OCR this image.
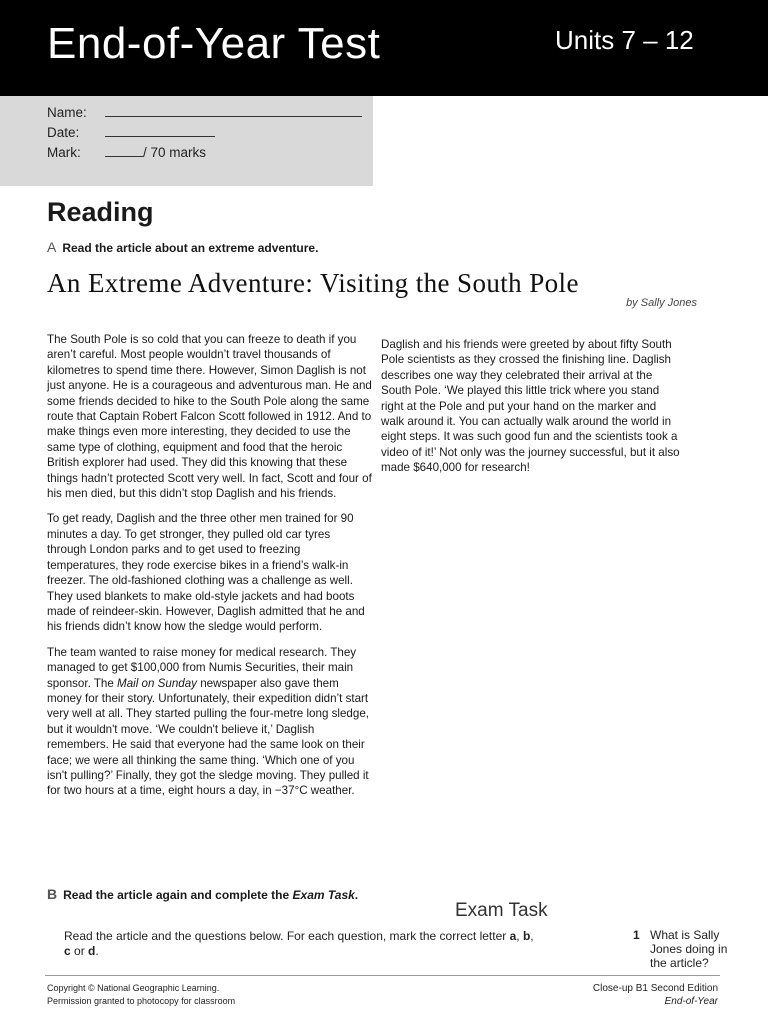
End-of-Year Test	Units 7 – 12
Name:
Date:
Mark:	/ 70 marks
Reading
A Read the article about an extreme adventure.
An Extreme Adventure: Visiting the South Pole
by Sally Jones

The South Pole is so cold that you can freeze to death if you aren’t careful. Most people wouldn’t travel thousands of kilometres to spend time there. However, Simon Daglish is not just anyone. He is a courageous and adventurous man. He and some friends decided to hike to the South Pole along the same route that Captain Robert Falcon Scott followed in 1912. And to make things even more interesting, they decided to use the same type of clothing, equipment and food that the heroic British explorer had used. They did this knowing that these things hadn’t protected Scott very well. In fact, Scott and four of his men died, but this didn’t stop Daglish and his friends.

To get ready, Daglish and the three other men trained for 90 minutes a day. To get stronger, they pulled old car tyres through London parks and to get used to freezing temperatures, they rode exercise bikes in a friend’s walk-in freezer. The old-fashioned clothing was a challenge as well. They used blankets to make old-style jackets and had boots made of reindeer-skin. However, Daglish admitted that he and his friends didn’t know how the sledge would perform.

The team wanted to raise money for medical research. They managed to get $100,000 from Numis Securities, their main sponsor. The Mail on Sunday newspaper also gave them money for their story. Unfortunately, their expedition didn’t start very well at all. They started pulling the four-metre long sledge, but it wouldn't move. ‘We couldn't believe it,’ Daglish remembers. He said that everyone had the same look on their face; we were all thinking the same thing. ‘Which one of you isn't pulling?’ Finally, they got the sledge moving. They pulled it for two hours at a time, eight hours a day, in −37°C weather.

Daglish and his friends were greeted by about fifty South Pole scientists as they crossed the finishing line. Daglish describes one way they celebrated their arrival at the South Pole. ‘We played this little trick where you stand right at the Pole and put your hand on the marker and walk around it. You can actually walk around the world in eight steps. It was such good fun and the scientists took a video of it!’ Not only was the journey successful, but it also made $640,000 for research!

B Read the article again and complete the Exam Task.
Exam Task
Read the article and the questions below. For each question, mark the correct letter a, b, c or d.
1 What is Sally Jones doing in the article?
Copyright © National Geographic Learning.
Permission granted to photocopy for classroom
Close-up B1 Second Edition
End-of-Year
